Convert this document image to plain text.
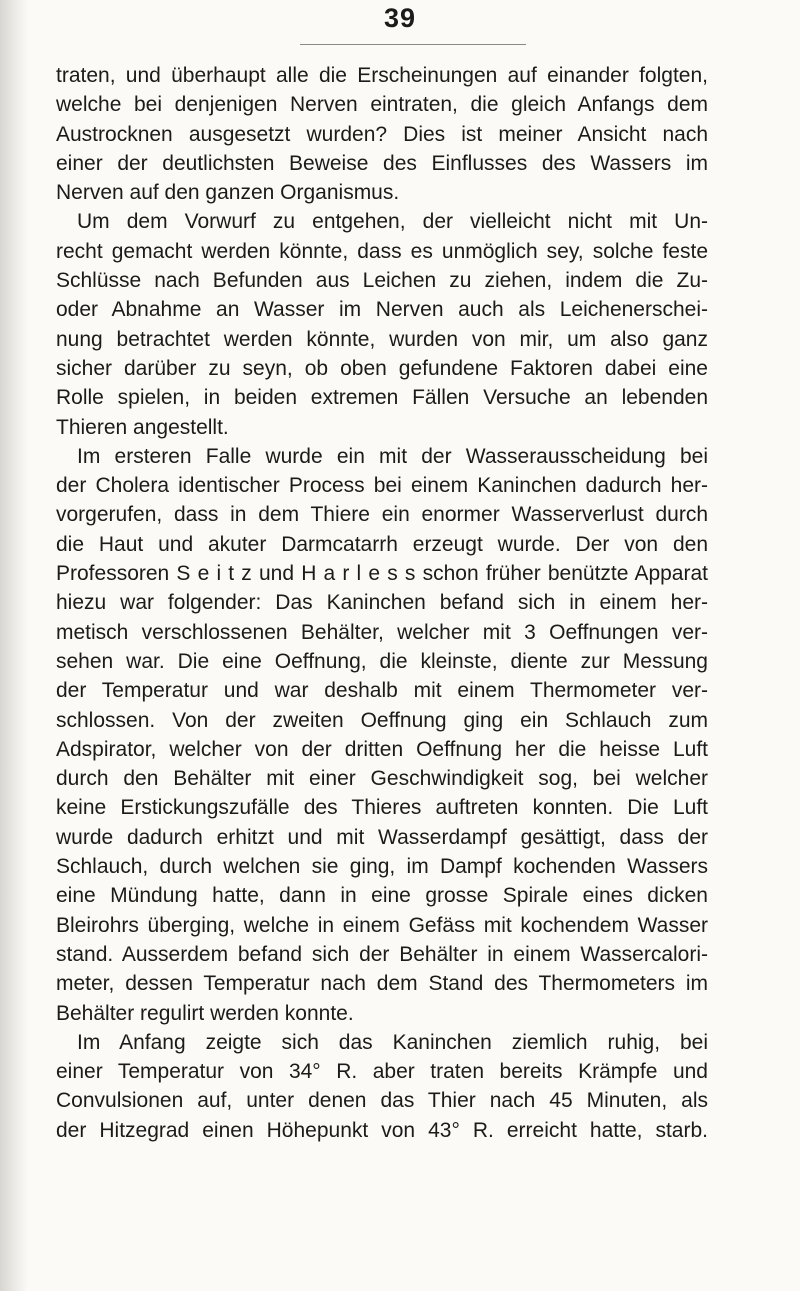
39
traten, und überhaupt alle die Erscheinungen auf einander folgten,
welche bei denjenigen Nerven eintraten, die gleich Anfangs dem
Austrocknen ausgesetzt wurden? Dies ist meiner Ansicht nach
einer der deutlichsten Beweise des Einflusses des Wassers im
Nerven auf den ganzen Organismus.
Um dem Vorwurf zu entgehen, der vielleicht nicht mit Un-
recht gemacht werden könnte, dass es unmöglich sey, solche feste
Schlüsse nach Befunden aus Leichen zu ziehen, indem die Zu-
oder Abnahme an Wasser im Nerven auch als Leichenerschei-
nung betrachtet werden könnte, wurden von mir, um also ganz
sicher darüber zu seyn, ob oben gefundene Faktoren dabei eine
Rolle spielen, in beiden extremen Fällen Versuche an lebenden
Thieren angestellt.
Im ersteren Falle wurde ein mit der Wasserausscheidung bei
der Cholera identischer Process bei einem Kaninchen dadurch her-
vorgerufen, dass in dem Thiere ein enormer Wasserverlust durch
die Haut und akuter Darmcatarrh erzeugt wurde. Der von den
Professoren S e i t z und H a r l e s s schon früher benützte Apparat
hiezu war folgender: Das Kaninchen befand sich in einem her-
metisch verschlossenen Behälter, welcher mit 3 Oeffnungen ver-
sehen war. Die eine Oeffnung, die kleinste, diente zur Messung
der Temperatur und war deshalb mit einem Thermometer ver-
schlossen. Von der zweiten Oeffnung ging ein Schlauch zum
Adspirator, welcher von der dritten Oeffnung her die heisse Luft
durch den Behälter mit einer Geschwindigkeit sog, bei welcher
keine Erstickungszufälle des Thieres auftreten konnten. Die Luft
wurde dadurch erhitzt und mit Wasserdampf gesättigt, dass der
Schlauch, durch welchen sie ging, im Dampf kochenden Wassers
eine Mündung hatte, dann in eine grosse Spirale eines dicken
Bleirohrs überging, welche in einem Gefäss mit kochendem Wasser
stand. Ausserdem befand sich der Behälter in einem Wassercalori-
meter, dessen Temperatur nach dem Stand des Thermometers im
Behälter regulirt werden konnte.
Im Anfang zeigte sich das Kaninchen ziemlich ruhig, bei
einer Temperatur von 34° R. aber traten bereits Krämpfe und
Convulsionen auf, unter denen das Thier nach 45 Minuten, als
der Hitzegrad einen Höhepunkt von 43° R. erreicht hatte, starb.
